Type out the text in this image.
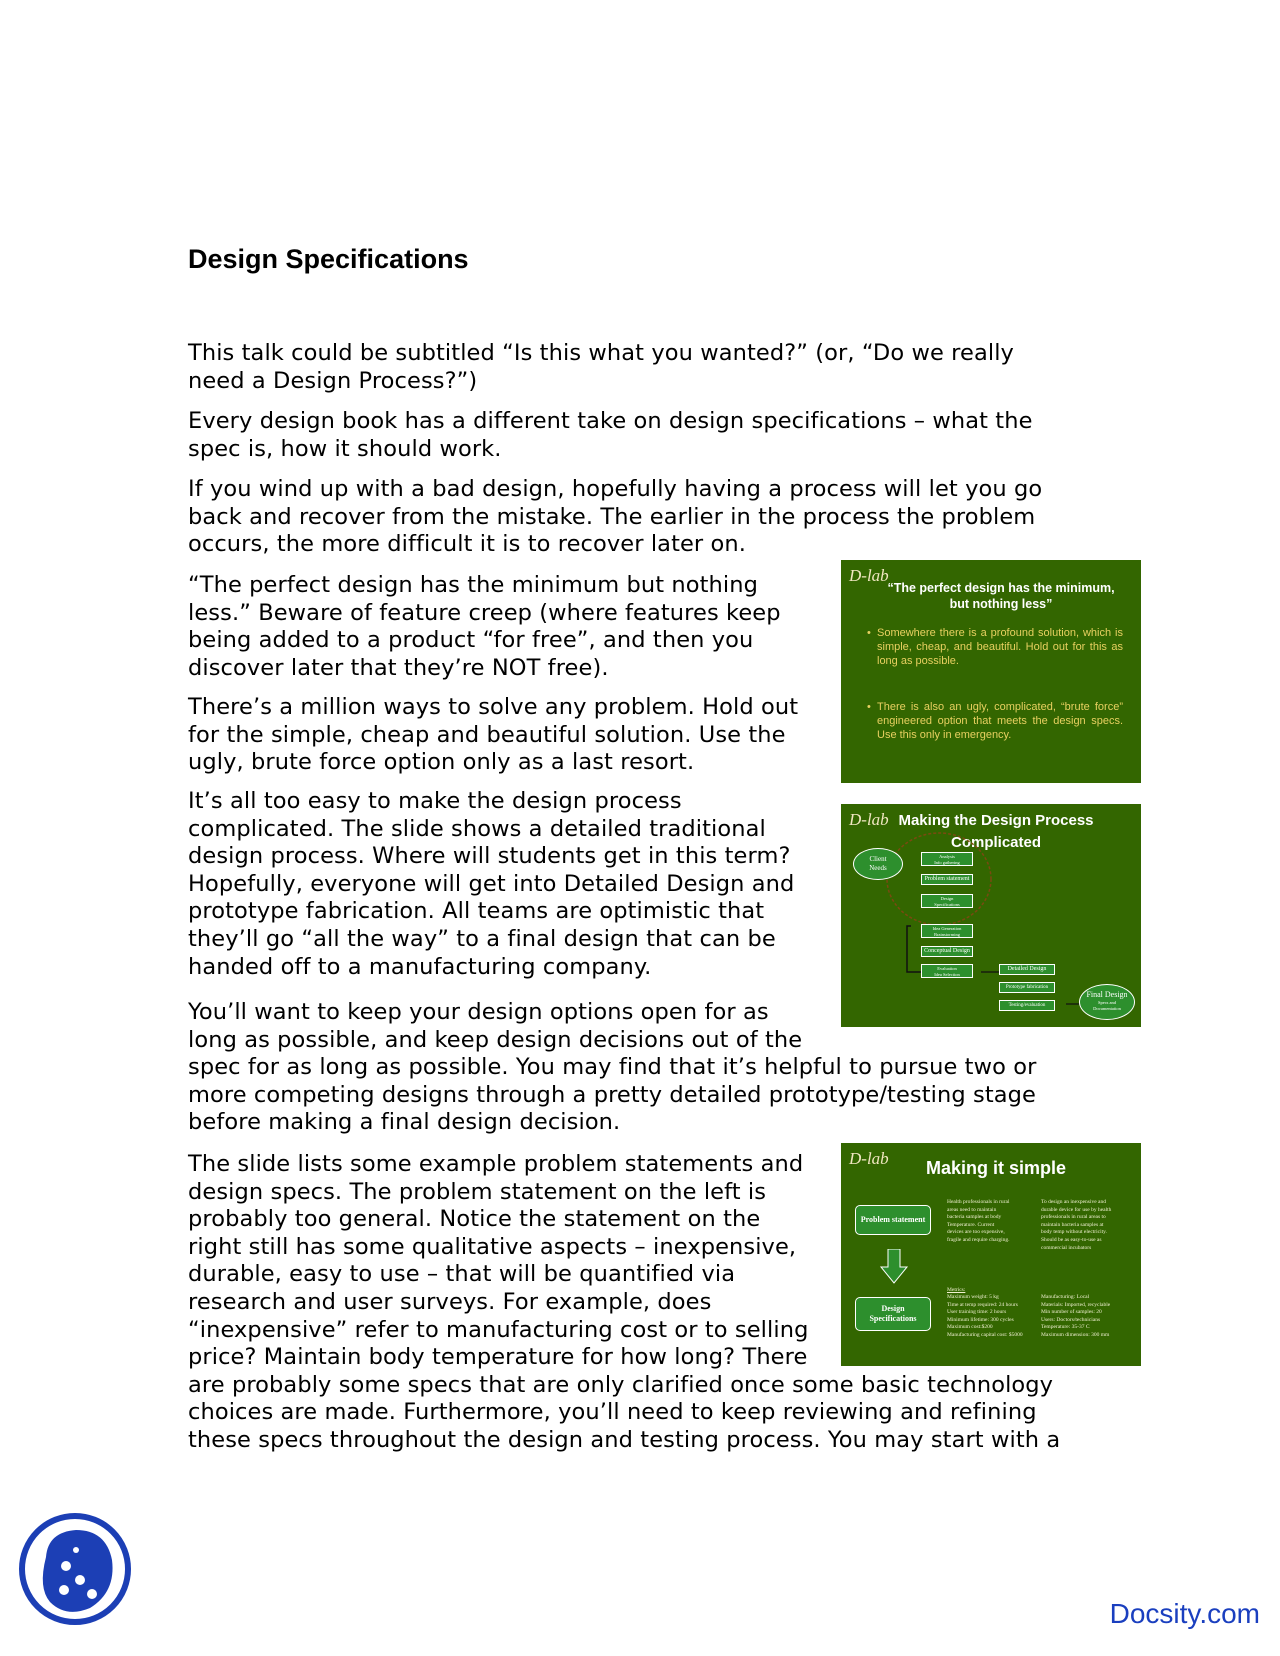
Design Specifications

This talk could be subtitled “Is this what you wanted?” (or, “Do we really
need a Design Process?”)

Every design book has a different take on design specifications – what the
spec is, how it should work.

If you wind up with a bad design, hopefully having a process will let you go
back and recover from the mistake. The earlier in the process the problem
occurs, the more difficult it is to recover later on.

“The perfect design has the minimum but nothing
less.” Beware of feature creep (where features keep
being added to a product “for free”, and then you
discover later that they’re NOT free).

There’s a million ways to solve any problem. Hold out
for the simple, cheap and beautiful solution. Use the
ugly, brute force option only as a last resort.

It’s all too easy to make the design process
complicated. The slide shows a detailed traditional
design process. Where will students get in this term?
Hopefully, everyone will get into Detailed Design and
prototype fabrication. All teams are optimistic that
they’ll go “all the way” to a final design that can be
handed off to a manufacturing company.

You’ll want to keep your design options open for as
long as possible, and keep design decisions out of the
spec for as long as possible. You may find that it’s helpful to pursue two or
more competing designs through a pretty detailed prototype/testing stage
before making a final design decision.

The slide lists some example problem statements and
design specs. The problem statement on the left is
probably too general. Notice the statement on the
right still has some qualitative aspects – inexpensive,
durable, easy to use – that will be quantified via
research and user surveys. For example, does
“inexpensive” refer to manufacturing cost or to selling
price? Maintain body temperature for how long? There
are probably some specs that are only clarified once some basic technology
choices are made. Furthermore, you’ll need to keep reviewing and refining
these specs throughout the design and testing process. You may start with a

D-lab
“The perfect design has the minimum,
but nothing less”
• Somewhere there is a profound solution, which is simple, cheap, and beautiful. Hold out for this as long as possible.
• There is also an ugly, complicated, “brute force” engineered option that meets the design specs. Use this only in emergency.
D-lab Making the Design Process
Complicated
Client
Needs
Analysis
Info gathering
Problem statement
Design
Specifications
Idea Generation
Brainstorming
Conceptual Design
Evaluation
Idea Selection
Detailed Design
Prototype fabrication
Testing/evaluation
Final Design
Specs and
Documentation
D-lab	Making it simple
Problem statement
Design
Specifications
Health professionals in rural
areas need to maintain
bacteria samples at body
Temperature. Current
devices are too expensive,
fragile and require charging.
To design an inexpensive and
durable device for use by health
professionals in rural areas to
maintain bacteria samples at
body temp without electricity.
Should be as easy-to-use as
commercial incubators
Metrics:
Maximum weight: 5 kg
Time at temp required: 24 hours
User training time: 2 hours
Minimum lifetime: 300 cycles
Maximum cost:$200
Manufacturing capital cost: $5000
Manufacturing: Local
Materials: Imported, recyclable
Min number of samples: 20
Users: Doctors/technicians
Temperature: 35-37 C
Maximum dimension: 300 mm
Docsity.com
